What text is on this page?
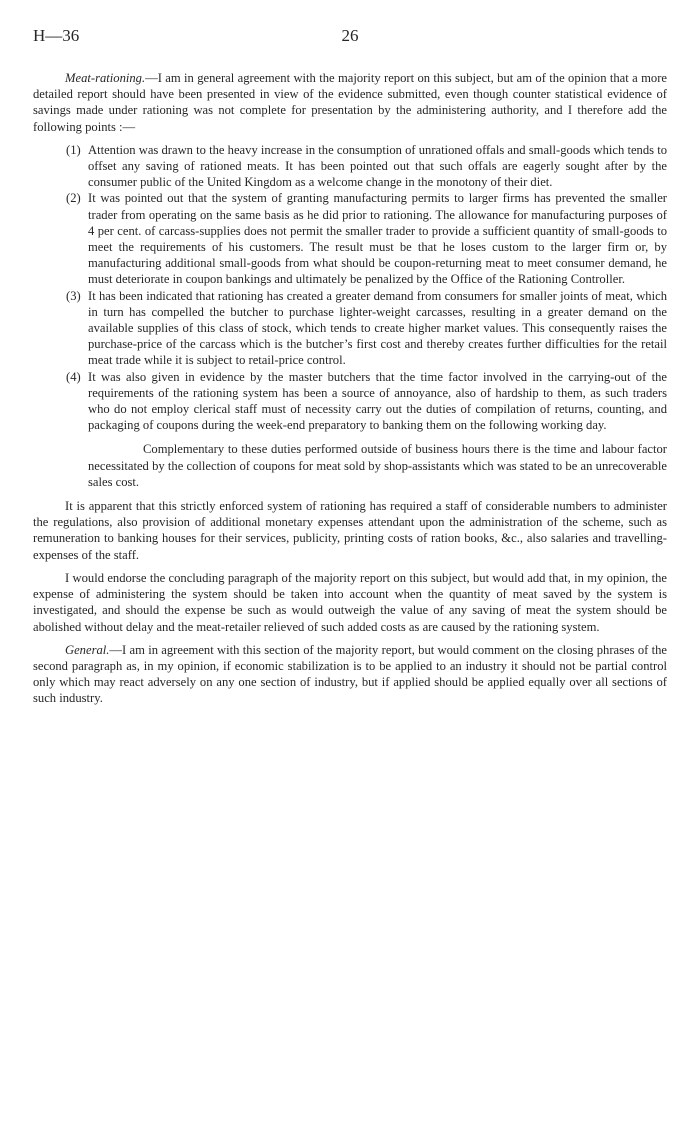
H—36	26

Meat-rationing.—I am in general agreement with the majority report on this subject, but am of the opinion that a more detailed report should have been presented in view of the evidence submitted, even though counter statistical evidence of savings made under rationing was not complete for presentation by the administering authority, and I therefore add the following points :—

(1) Attention was drawn to the heavy increase in the consumption of unrationed offals and small-goods which tends to offset any saving of rationed meats. It has been pointed out that such offals are eagerly sought after by the consumer public of the United Kingdom as a welcome change in the monotony of their diet.
(2) It was pointed out that the system of granting manufacturing permits to larger firms has prevented the smaller trader from operating on the same basis as he did prior to rationing. The allowance for manufacturing purposes of 4 per cent. of carcass-supplies does not permit the smaller trader to provide a sufficient quantity of small-goods to meet the requirements of his customers. The result must be that he loses custom to the larger firm or, by manufacturing additional small-goods from what should be coupon-returning meat to meet consumer demand, he must deteriorate in coupon bankings and ultimately be penalized by the Office of the Rationing Controller.
(3) It has been indicated that rationing has created a greater demand from consumers for smaller joints of meat, which in turn has compelled the butcher to purchase lighter-weight carcasses, resulting in a greater demand on the available supplies of this class of stock, which tends to create higher market values. This consequently raises the purchase-price of the carcass which is the butcher’s first cost and thereby creates further difficulties for the retail meat trade while it is subject to retail-price control.
(4) It was also given in evidence by the master butchers that the time factor involved in the carrying-out of the requirements of the rationing system has been a source of annoyance, also of hardship to them, as such traders who do not employ clerical staff must of necessity carry out the duties of compilation of returns, counting, and packaging of coupons during the week-end preparatory to banking them on the following working day.

Complementary to these duties performed outside of business hours there is the time and labour factor necessitated by the collection of coupons for meat sold by shop-assistants which was stated to be an unrecoverable sales cost.

It is apparent that this strictly enforced system of rationing has required a staff of considerable numbers to administer the regulations, also provision of additional monetary expenses attendant upon the administration of the scheme, such as remuneration to banking houses for their services, publicity, printing costs of ration books, &c., also salaries and travelling-expenses of the staff.

I would endorse the concluding paragraph of the majority report on this subject, but would add that, in my opinion, the expense of administering the system should be taken into account when the quantity of meat saved by the system is investigated, and should the expense be such as would outweigh the value of any saving of meat the system should be abolished without delay and the meat-retailer relieved of such added costs as are caused by the rationing system.

General.—I am in agreement with this section of the majority report, but would comment on the closing phrases of the second paragraph as, in my opinion, if economic stabilization is to be applied to an industry it should not be partial control only which may react adversely on any one section of industry, but if applied should be applied equally over all sections of such industry.
